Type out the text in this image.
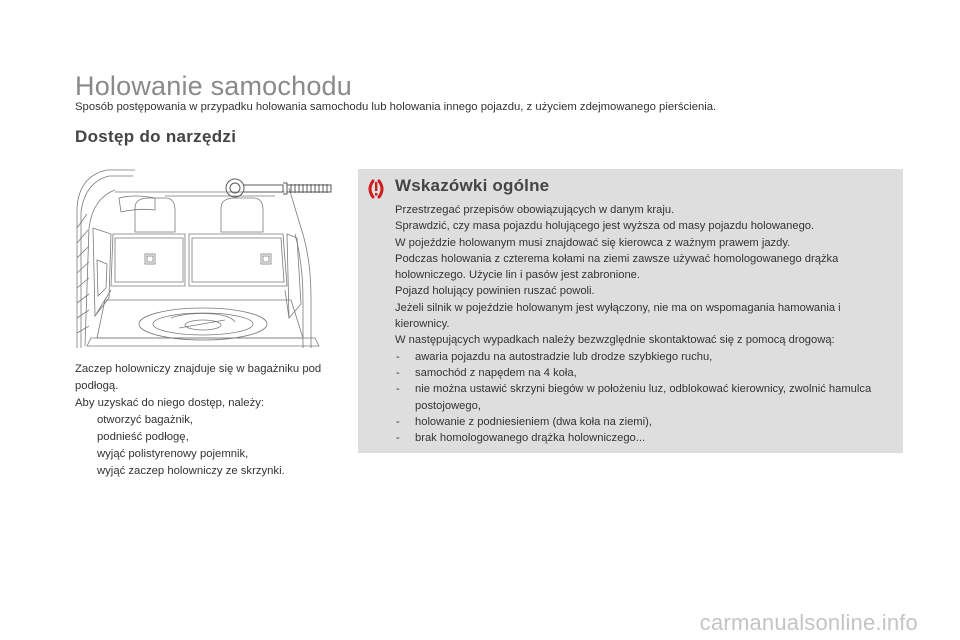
Holowanie samochodu
Sposób postępowania w przypadku holowania samochodu lub holowania innego pojazdu, z użyciem zdejmowanego pierścienia.
Dostęp do narzędzi

Zaczep holowniczy znajduje się w bagażniku pod podłogą.

Aby uzyskać do niego dostęp, należy:

otworzyć bagażnik,
podnieść podłogę,
wyjąć polistyrenowy pojemnik,
wyjąć zaczep holowniczy ze skrzynki.
Wskazówki ogólne

Przestrzegać przepisów obowiązujących w danym kraju.

Sprawdzić, czy masa pojazdu holującego jest wyższa od masy pojazdu holowanego.

W pojeździe holowanym musi znajdować się kierowca z ważnym prawem jazdy.

Podczas holowania z czterema kołami na ziemi zawsze używać homologowanego drążka holowniczego. Użycie lin i pasów jest zabronione.

Pojazd holujący powinien ruszać powoli.

Jeżeli silnik w pojeździe holowanym jest wyłączony, nie ma on wspomagania hamowania i kierownicy.

W następujących wypadkach należy bezwzględnie skontaktować się z pomocą drogową:

- awaria pojazdu na autostradzie lub drodze szybkiego ruchu,
- samochód z napędem na 4 koła,
- nie można ustawić skrzyni biegów w położeniu luz, odblokować kierownicy, zwolnić hamulca postojowego,
- holowanie z podniesieniem (dwa koła na ziemi),
- brak homologowanego drążka holowniczego...
carmanualsonline.info
